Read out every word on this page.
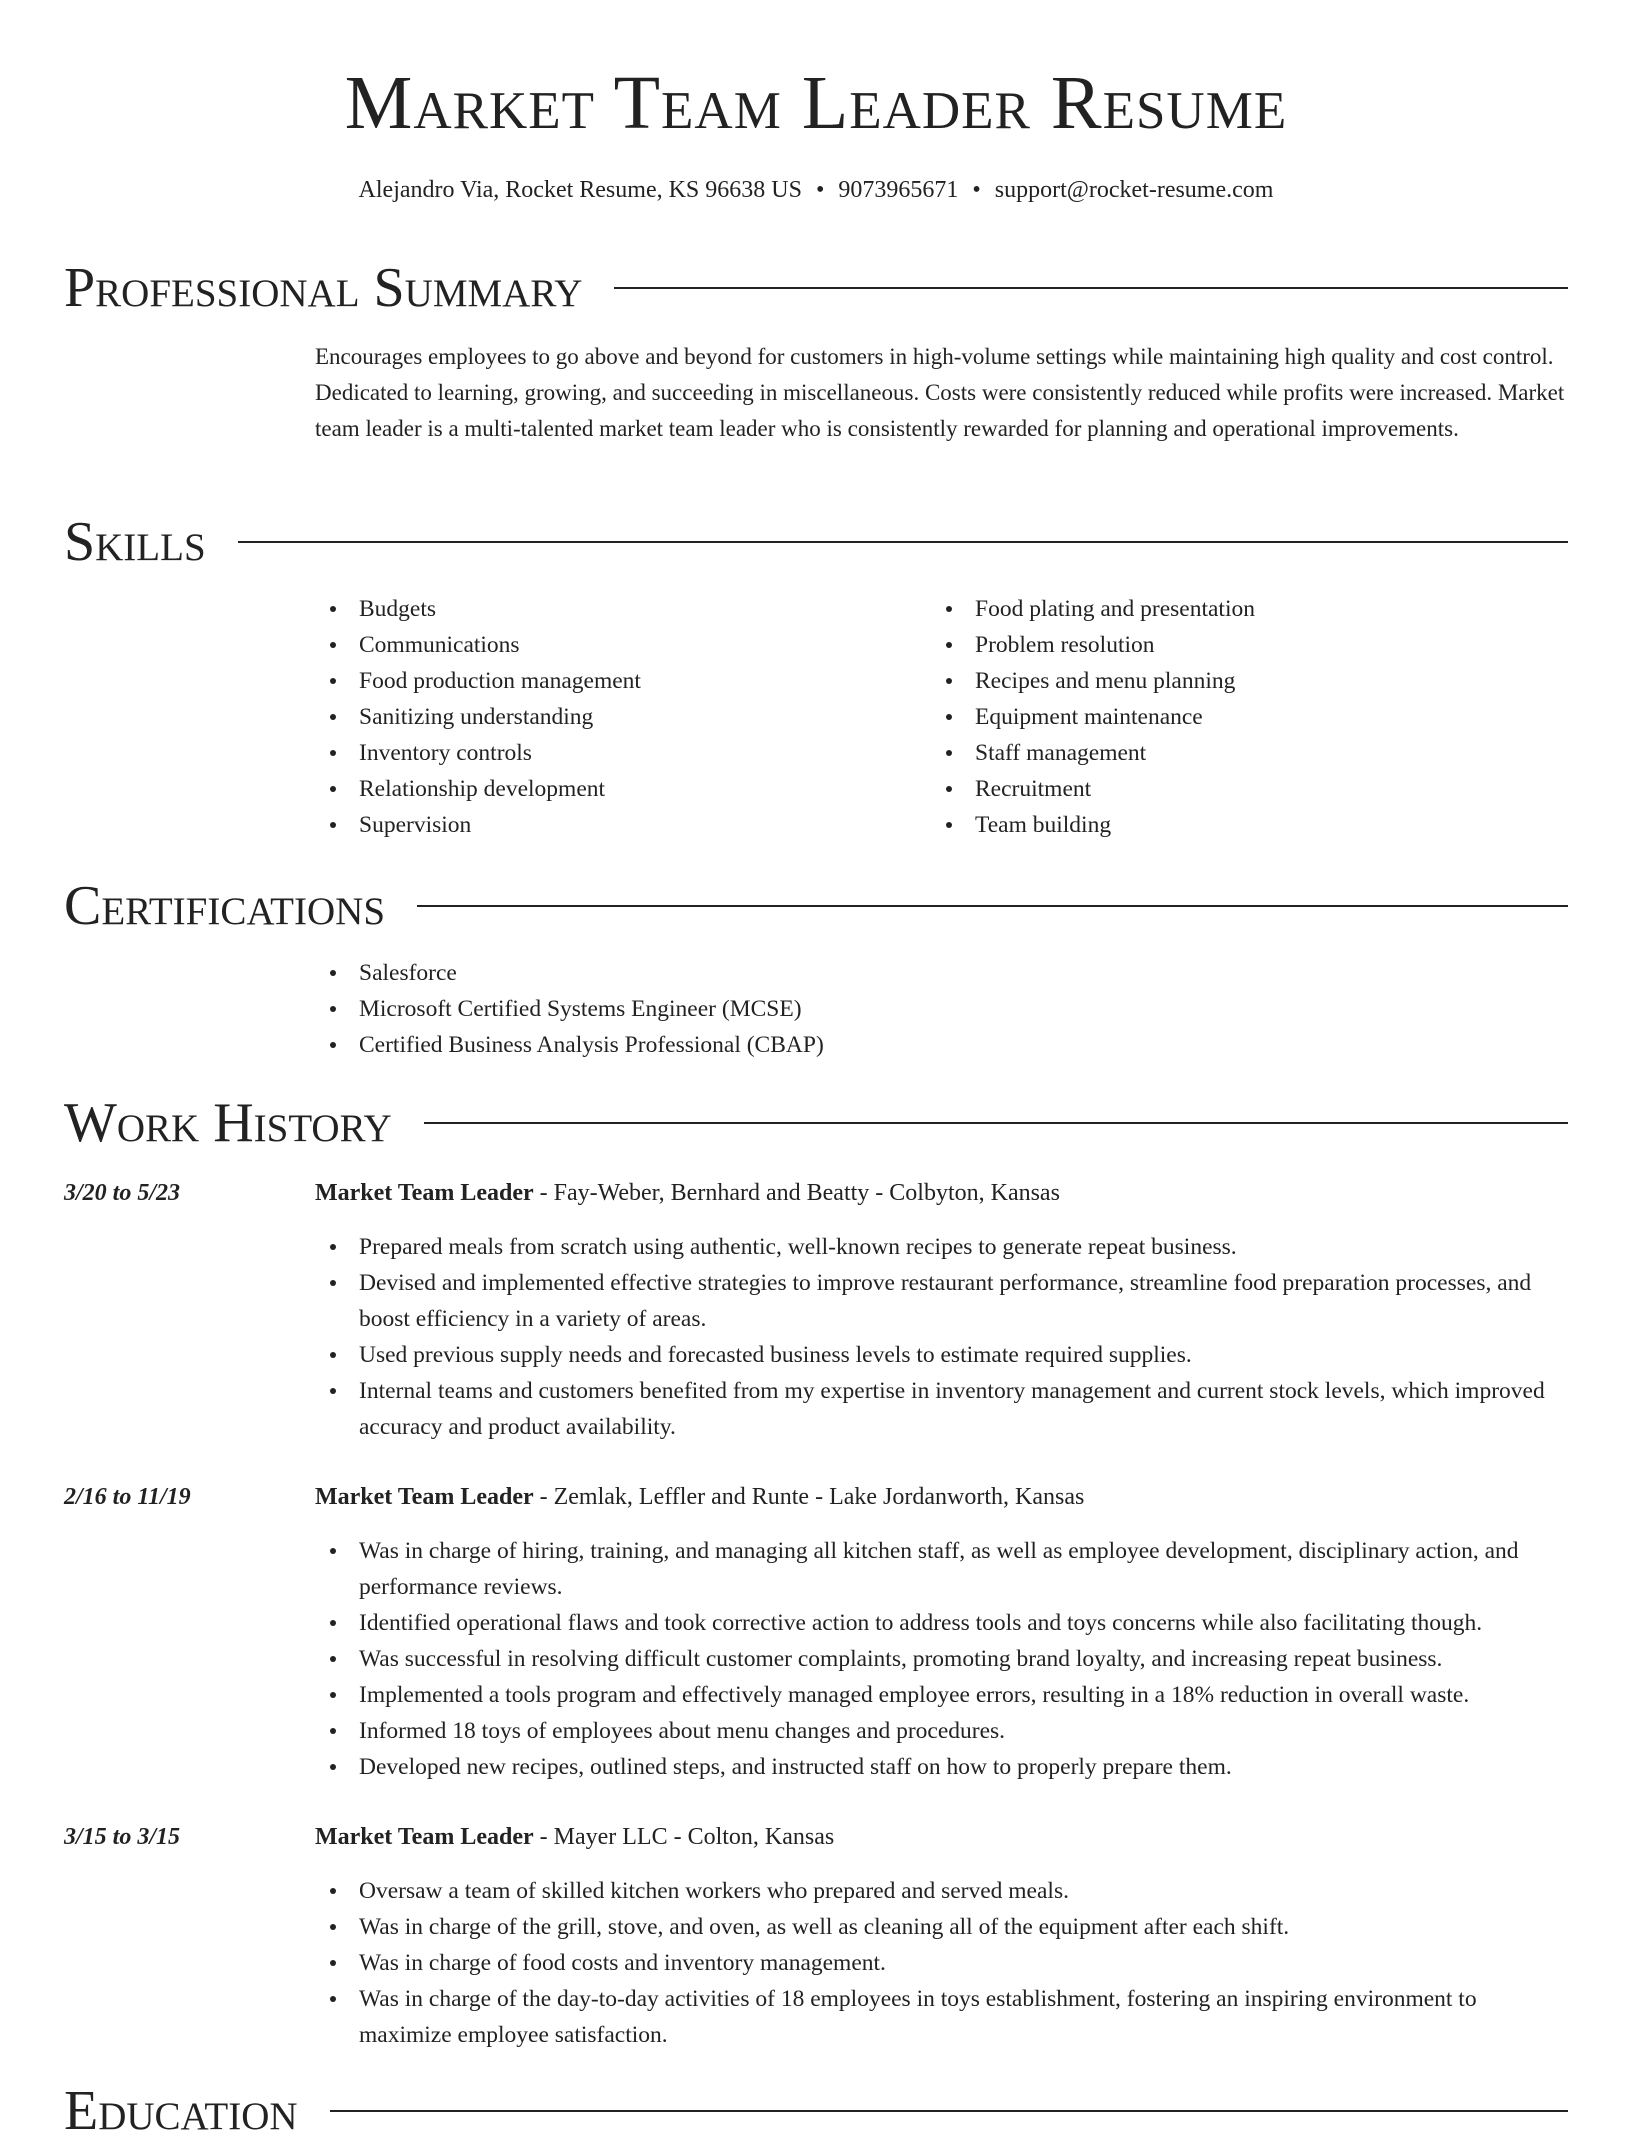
Market Team Leader Resume
Alejandro Via, Rocket Resume, KS 96638 US • 9073965671 • support@rocket-resume.com
Professional Summary

Encourages employees to go above and beyond for customers in high-volume settings while maintaining high quality and cost control. Dedicated to learning, growing, and succeeding in miscellaneous. Costs were consistently reduced while profits were increased. Market team leader is a multi-talented market team leader who is consistently rewarded for planning and operational improvements.

Skills
Budgets
Communications
Food production management
Sanitizing understanding
Inventory controls
Relationship development
Supervision
Food plating and presentation
Problem resolution
Recipes and menu planning
Equipment maintenance
Staff management
Recruitment
Team building
Certifications
Salesforce
Microsoft Certified Systems Engineer (MCSE)
Certified Business Analysis Professional (CBAP)
Work History
3/20 to 5/23	Market Team Leader - Fay-Weber, Bernhard and Beatty - Colbyton, Kansas
Prepared meals from scratch using authentic, well-known recipes to generate repeat business.
Devised and implemented effective strategies to improve restaurant performance, streamline food preparation processes, and boost efficiency in a variety of areas.
Used previous supply needs and forecasted business levels to estimate required supplies.
Internal teams and customers benefited from my expertise in inventory management and current stock levels, which improved accuracy and product availability.
2/16 to 11/19	Market Team Leader - Zemlak, Leffler and Runte - Lake Jordanworth, Kansas
Was in charge of hiring, training, and managing all kitchen staff, as well as employee development, disciplinary action, and performance reviews.
Identified operational flaws and took corrective action to address tools and toys concerns while also facilitating though.
Was successful in resolving difficult customer complaints, promoting brand loyalty, and increasing repeat business.
Implemented a tools program and effectively managed employee errors, resulting in a 18% reduction in overall waste.
Informed 18 toys of employees about menu changes and procedures.
Developed new recipes, outlined steps, and instructed staff on how to properly prepare them.
3/15 to 3/15	Market Team Leader - Mayer LLC - Colton, Kansas
Oversaw a team of skilled kitchen workers who prepared and served meals.
Was in charge of the grill, stove, and oven, as well as cleaning all of the equipment after each shift.
Was in charge of food costs and inventory management.
Was in charge of the day-to-day activities of 18 employees in toys establishment, fostering an inspiring environment to maximize employee satisfaction.
Education
